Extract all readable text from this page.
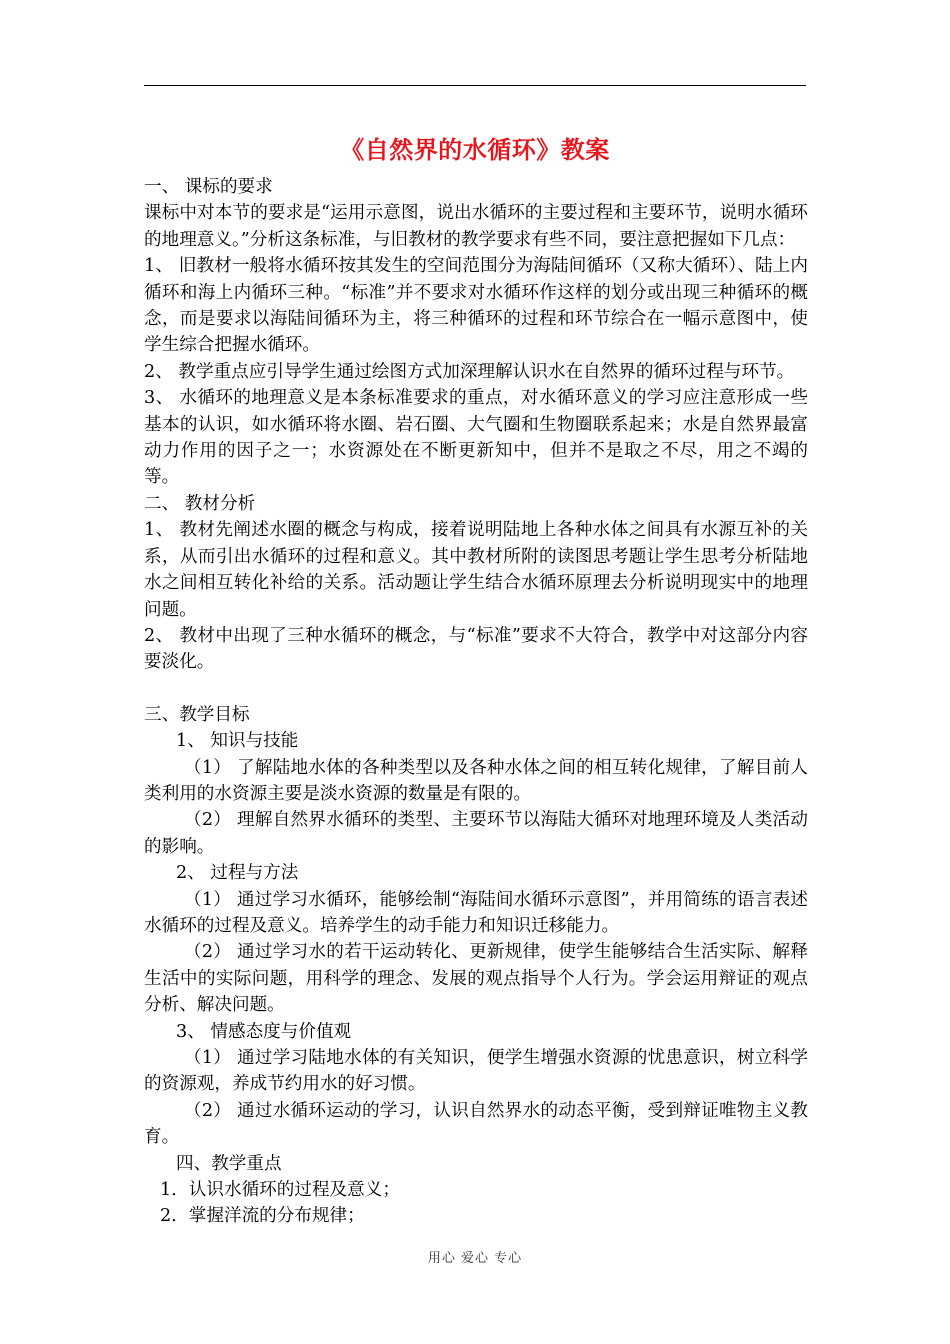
《自然界的水循环》教案

一、 课标的要求

课标中对本节的要求是“运用示意图，说出水循环的主要过程和主要环节，说明水循环的地理意义。”分析这条标准，与旧教材的教学要求有些不同，要注意把握如下几点：

1、 旧教材一般将水循环按其发生的空间范围分为海陆间循环（又称大循环）、陆上内循环和海上内循环三种。“标准”并不要求对水循环作这样的划分或出现三种循环的概念，而是要求以海陆间循环为主，将三种循环的过程和环节综合在一幅示意图中，使学生综合把握水循环。

2、 教学重点应引导学生通过绘图方式加深理解认识水在自然界的循环过程与环节。

3、 水循环的地理意义是本条标准要求的重点，对水循环意义的学习应注意形成一些基本的认识，如水循环将水圈、岩石圈、大气圈和生物圈联系起来；水是自然界最富动力作用的因子之一；水资源处在不断更新知中，但并不是取之不尽，用之不竭的等。

二、 教材分析

1、 教材先阐述水圈的概念与构成，接着说明陆地上各种水体之间具有水源互补的关系，从而引出水循环的过程和意义。其中教材所附的读图思考题让学生思考分析陆地水之间相互转化补给的关系。活动题让学生结合水循环原理去分析说明现实中的地理问题。

2、 教材中出现了三种水循环的概念，与“标准”要求不大符合，教学中对这部分内容要淡化。

三、教学目标

1、 知识与技能

（1） 了解陆地水体的各种类型以及各种水体之间的相互转化规律，了解目前人类利用的水资源主要是淡水资源的数量是有限的。

（2） 理解自然界水循环的类型、主要环节以海陆大循环对地理环境及人类活动的影响。

2、 过程与方法

（1） 通过学习水循环，能够绘制“海陆间水循环示意图”，并用简练的语言表述水循环的过程及意义。培养学生的动手能力和知识迁移能力。

（2） 通过学习水的若干运动转化、更新规律，使学生能够结合生活实际、解释生活中的实际问题，用科学的理念、发展的观点指导个人行为。学会运用辩证的观点分析、解决问题。

3、 情感态度与价值观

（1） 通过学习陆地水体的有关知识，便学生增强水资源的忧患意识，树立科学的资源观，养成节约用水的好习惯。

（2） 通过水循环运动的学习，认识自然界水的动态平衡，受到辩证唯物主义教育。

四、教学重点

1．认识水循环的过程及意义；

2．掌握洋流的分布规律；

用心 爱心 专心
